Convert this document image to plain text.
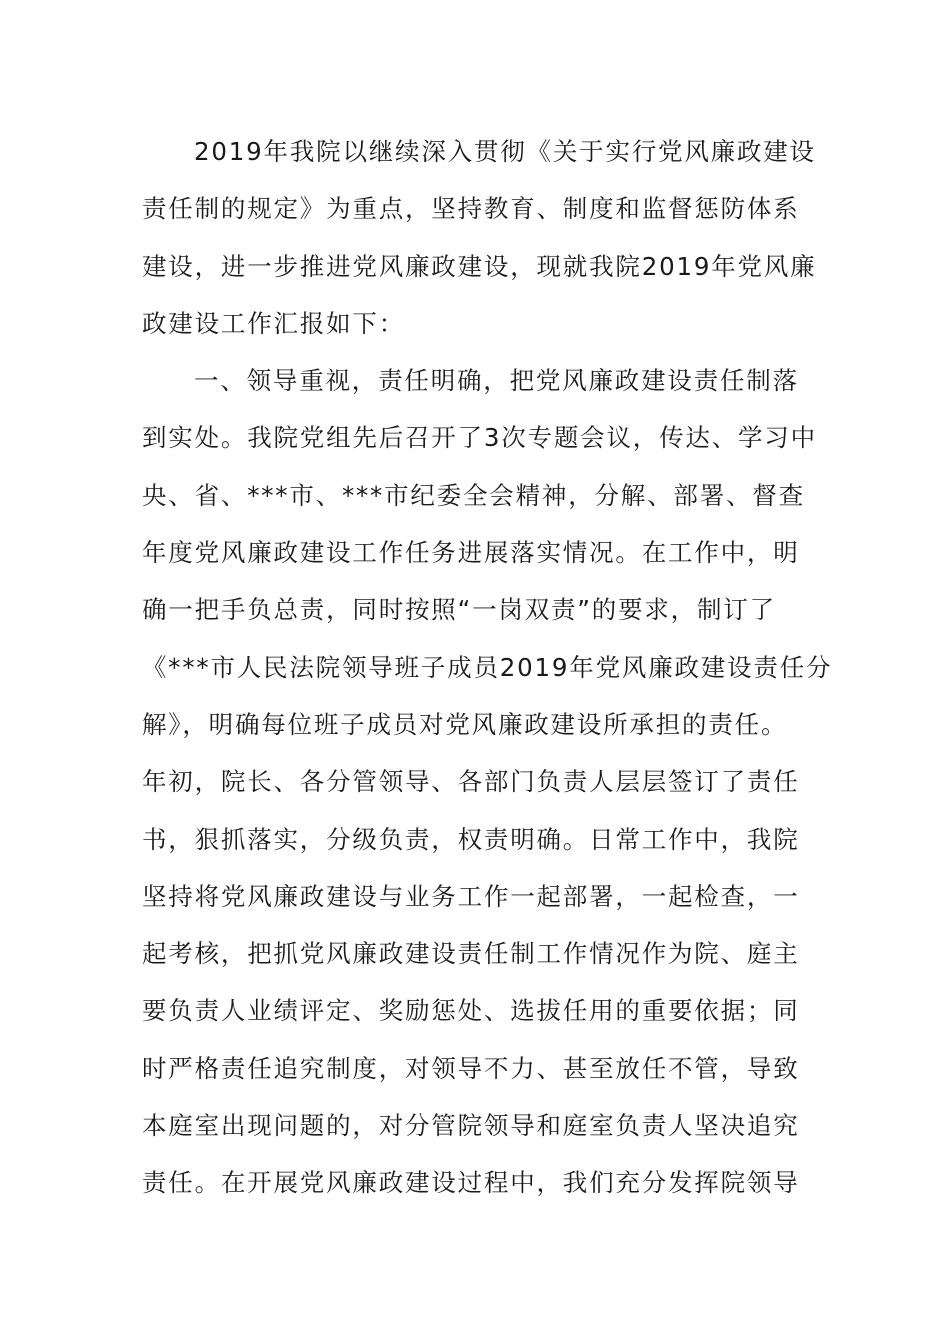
2019年我院以继续深入贯彻《关于实行党风廉政建设
责任制的规定》为重点，坚持教育、制度和监督惩防体系
建设，进一步推进党风廉政建设，现就我院2019年党风廉
政建设工作汇报如下：
一、领导重视，责任明确，把党风廉政建设责任制落
到实处。我院党组先后召开了3次专题会议，传达、学习中
央、省、***市、***市纪委全会精神，分解、部署、督查
年度党风廉政建设工作任务进展落实情况。在工作中，明
确一把手负总责，同时按照“一岗双责”的要求，制订了
《***市人民法院领导班子成员2019年党风廉政建设责任分
解》，明确每位班子成员对党风廉政建设所承担的责任。
年初，院长、各分管领导、各部门负责人层层签订了责任
书，狠抓落实，分级负责，权责明确。日常工作中，我院
坚持将党风廉政建设与业务工作一起部署，一起检查，一
起考核，把抓党风廉政建设责任制工作情况作为院、庭主
要负责人业绩评定、奖励惩处、选拔任用的重要依据；同
时严格责任追究制度，对领导不力、甚至放任不管，导致
本庭室出现问题的，对分管院领导和庭室负责人坚决追究
责任。在开展党风廉政建设过程中，我们充分发挥院领导
